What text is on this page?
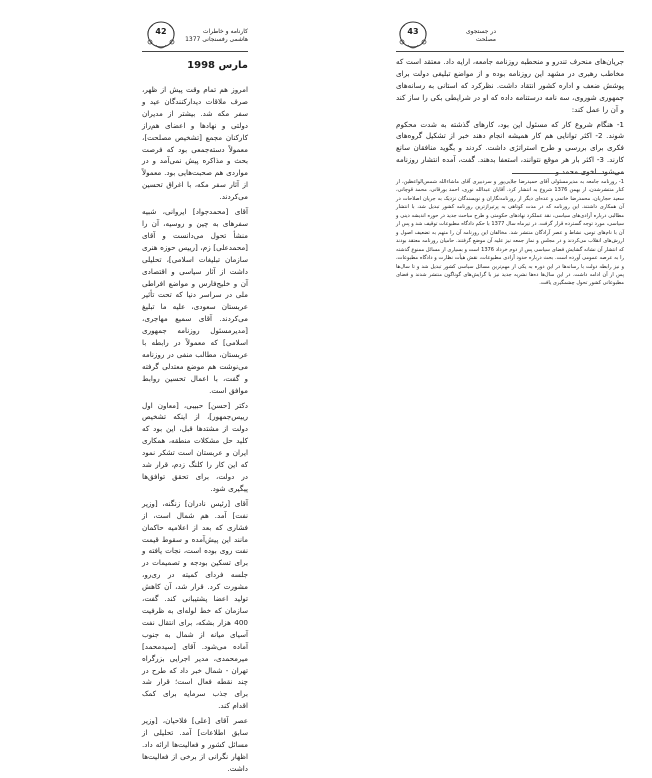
42	کارنامه و خاطرات
هاشمی رفسنجانی 1377
مارس 1998

امروز هم تمام وقت پیش از ظهر، صرف ملاقات دیدارکنندگان عید و سفر مکه شد. بیشتر از مدیران دولتی و نهادها و اعضای هم‌راز کارکنان مجمع [تشخیص مصلحت]، معمولاً دسته‌جمعی بود که فرصت بحث و مذاکره پیش نمی‌آمد و در مواردی هم صحبت‌هایی بود. معمولاً از آثار سفر مکه، با اغراق تحسین می‌کردند.

آقای [محمدجواد] ایروانی، شبیه سفرهای به چین و روسیه، آن را منشأ تحول می‌دانست و آقای [محمدعلی] زم، [رییس حوزه هنری سازمان تبلیغات اسلامی]، تحلیلی داشت از آثار سیاسی و اقتصادی آن و خلیج‌فارس و مواضع افراطی ملی در سراسر دنیا که تحت تأثیر عربستان سعودی، علیه ما تبلیغ می‌کردند. آقای سمیع مهاجری، [مدیرمسئول روزنامه جمهوری اسلامی] که معمولاً در رابطه با عربستان، مطالب منفی در روزنامه می‌نوشت هم موضع معتدلی گرفته و گفت، با اعمال تحسین روابط موافق است.

دکتر [حسن] حبیبی، [معاون اول رییس‌جمهور]، از اینکه تشخیص دولت از مشتدها قبل، این بود که کلید حل مشکلات منطقه، همکاری ایران و عربستان است تشکر نمود که این کار را کلنگ زدم، قرار شد در دولت، برای تحقق توافق‌ها پیگیری شود.

آقای [رئیس‌ نادران] زنگنه، [وزیر نفت] آمد. هم شمال است، از فشاری که بعد از اعلامیه حاکمان مانند این پیش‌آمده و سقوط قیمت نفت روی بوده است، نجات یافته و برای تسکین بودجه و تصمیمات در جلسه فردای کمیته در ری‌رو، مشورت کرد. قرار شد، آن کاهش تولید اعضا پشتیبانی کند. گفت، سازمان که خط لوله‌ای به ظرفیت 400 هزار بشکه، برای انتقال نفت آسیای میانه از شمال به جنوب آماده می‌شود. آقای [سیدمحمد] میرمحمدی، مدیر اجرایی بزرگراه تهران - شمال خبر داد که طرح در چند نقطه فعال است؛ قرار شد برای جذب سرمایه برای کمک اقدام کند.

عصر آقای [علی] فلاحیان، [وزیر سابق اطلاعات] آمد. تحلیلی از مسائل کشور و فعالیت‌ها ارائه داد. اظهار نگرانی از برخی از فعالیت‌ها داشت.

در جستجوی
مصلحت
43

جریان‌های منحرف تندرو و منحطبه روزنامه جامعه، ارایه داد. معتقد است که مخاطب رهبری در مشهد این روزنامه بوده و از مواضع تبلیغی دولت برای پوشش ضعف و اداره کشور انتقاد داشت. نظرکرد که استانی به رسانه‌های جمهوری شوروی، سه نامه درستنامه داده که او در شرایطی بکی را ساز کند و آن را عمل کند:

1- هنگام شروع کار که مسئول این بود، کارهای گذشته به شدت محکوم شوند. 2- اکثر توانایی هم کار همیشه انجام دهند خبر از تشکیل گروه‌های فکری برای بررسی و طرح استراتژی داشت. کردند و بگوید منافقان سانع کارند. 3- اکثر بار هر موقع نتوانند، استعفا بدهند. گفت، آمده انتشار روزنامه می‌شود. اخوی محمد و

1- روزنامه جامعه به مدیرمسئولی آقای حمیدرضا جلایی‌پور و سردبیری آقای ماشاءالله شمس‌الواعظین، از کنار منتشرشدن، از بهمن 1376 شروع به انتشار کرد. آقایان عبدالله نوری، احمد بورقانی، محمد قوچانی، سعید حجاریان، محمدرضا خاتمی و عده‌ای دیگر از روزنامه‌نگاران و نویسندگان نزدیک به جریان اصلاحات در آن همکاری داشتند. این روزنامه که در مدت کوتاهی به پرتیراژترین روزنامه کشور تبدیل شد، با انتشار مطالبی درباره آزادی‌های سیاسی، نقد عملکرد نهادهای حکومتی و طرح مباحث جدید در حوزه اندیشه دینی و سیاسی، مورد توجه گسترده قرار گرفت. در تیرماه سال 1377 با حکم دادگاه مطبوعات توقیف شد و پس از آن با نام‌های توس، نشاط و عصر آزادگان منتشر شد. مخالفان این روزنامه آن را متهم به تضعیف اصول و ارزش‌های انقلاب می‌کردند و در مجلس و نماز جمعه نیز علیه آن موضع گرفتند. حامیان روزنامه معتقد بودند که انتشار آن نشانه گشایش فضای سیاسی پس از دوم خرداد 1376 است و بسیاری از مسائل ممنوع گذشته را به عرصه عمومی آورده است. بحث درباره حدود آزادی مطبوعات، نقش هیأت نظارت و دادگاه مطبوعات، و نیز رابطه دولت با رسانه‌ها در این دوره به یکی از مهم‌ترین مسائل سیاسی کشور تبدیل شد و تا سال‌ها پس از آن ادامه داشت. در این سال‌ها ده‌ها نشریه جدید نیز با گرایش‌های گوناگون منتشر شدند و فضای مطبوعاتی کشور تحول چشمگیری یافت.
